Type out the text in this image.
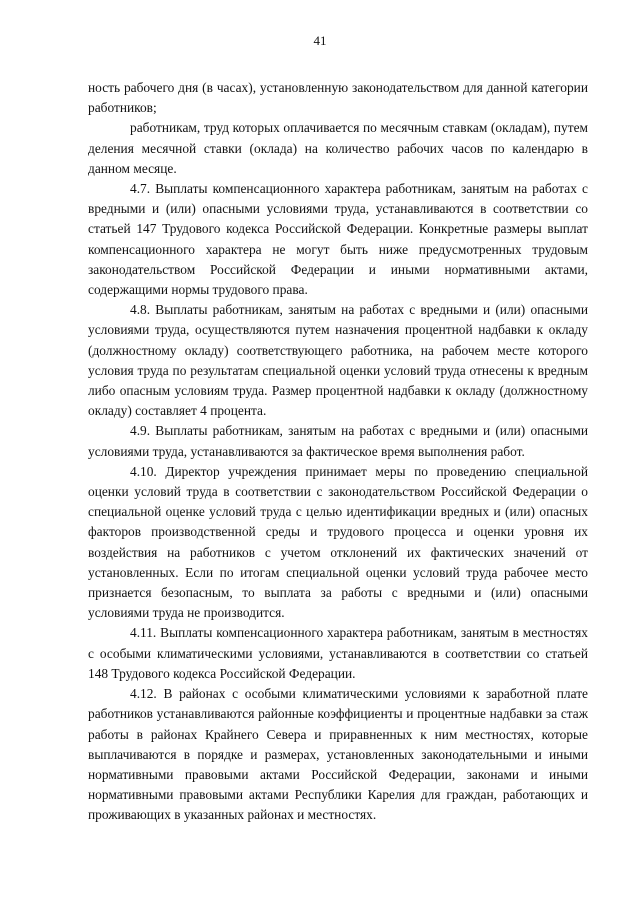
41

ность рабочего дня (в часах), установленную законодательством для данной категории работников;

работникам, труд которых оплачивается по месячным ставкам (окладам), путем деления месячной ставки (оклада) на количество рабочих часов по календарю в данном месяце.

4.7. Выплаты компенсационного характера работникам, занятым на работах с вредными и (или) опасными условиями труда, устанавливаются в соответствии со статьей 147 Трудового кодекса Российской Федерации. Конкретные размеры выплат компенсационного характера не могут быть ниже предусмотренных трудовым законодательством Российской Федерации и иными нормативными актами, содержащими нормы трудового права.

4.8. Выплаты работникам, занятым на работах с вредными и (или) опасными условиями труда, осуществляются путем назначения процентной надбавки к окладу (должностному окладу) соответствующего работника, на рабочем месте которого условия труда по результатам специальной оценки условий труда отнесены к вредным либо опасным условиям труда. Размер процентной надбавки к окладу (должностному окладу) составляет 4 процента.

4.9. Выплаты работникам, занятым на работах с вредными и (или) опасными условиями труда, устанавливаются за фактическое время выполнения работ.

4.10. Директор учреждения принимает меры по проведению специальной оценки условий труда в соответствии с законодательством Российской Федерации о специальной оценке условий труда с целью идентификации вредных и (или) опасных факторов производственной среды и трудового процесса и оценки уровня их воздействия на работников с учетом отклонений их фактических значений от установленных. Если по итогам специальной оценки условий труда рабочее место признается безопасным, то выплата за работы с вредными и (или) опасными условиями труда не производится.

4.11. Выплаты компенсационного характера работникам, занятым в местностях с особыми климатическими условиями, устанавливаются в соответствии со статьей 148 Трудового кодекса Российской Федерации.

4.12. В районах с особыми климатическими условиями к заработной плате работников устанавливаются районные коэффициенты и процентные надбавки за стаж работы в районах Крайнего Севера и приравненных к ним местностях, которые выплачиваются в порядке и размерах, установленных законодательными и иными нормативными правовыми актами Российской Федерации, законами и иными нормативными правовыми актами Республики Карелия для граждан, работающих и проживающих в указанных районах и местностях.
